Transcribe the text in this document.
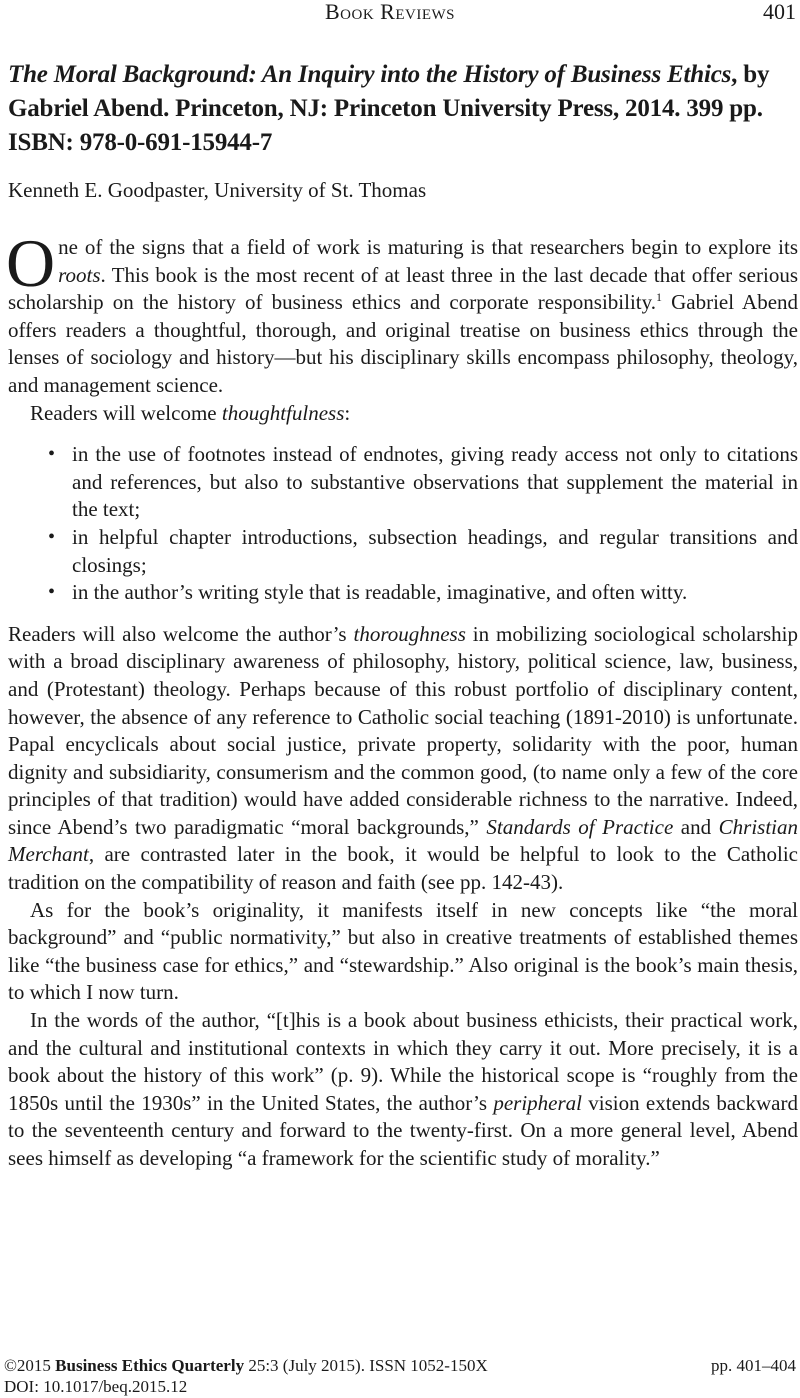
Book Reviews	401
The Moral Background: An Inquiry into the History of Business Ethics, by Gabriel Abend. Princeton, NJ: Princeton University Press, 2014. 399 pp. ISBN: 978-0-691-15944-7
Kenneth E. Goodpaster, University of St. Thomas

One of the signs that a field of work is maturing is that researchers begin to explore its roots. This book is the most recent of at least three in the last decade that offer serious scholarship on the history of business ethics and corporate responsibility.$^1$ Gabriel Abend offers readers a thoughtful, thorough, and original treatise on business ethics through the lenses of sociology and history—but his disciplinary skills encompass philosophy, theology, and management science.

Readers will welcome thoughtfulness:

• in the use of footnotes instead of endnotes, giving ready access not only to citations and references, but also to substantive observations that supplement the material in the text;
• in helpful chapter introductions, subsection headings, and regular transitions and closings;
• in the author’s writing style that is readable, imaginative, and often witty.

Readers will also welcome the author’s thoroughness in mobilizing sociological scholarship with a broad disciplinary awareness of philosophy, history, political science, law, business, and (Protestant) theology. Perhaps because of this robust portfolio of disciplinary content, however, the absence of any reference to Catholic social teaching (1891-2010) is unfortunate. Papal encyclicals about social justice, private property, solidarity with the poor, human dignity and subsidiarity, consumerism and the common good, (to name only a few of the core principles of that tradition) would have added considerable richness to the narrative. Indeed, since Abend’s two paradigmatic “moral backgrounds,” Standards of Practice and Christian Merchant, are contrasted later in the book, it would be helpful to look to the Catholic tradition on the compatibility of reason and faith (see pp. 142-43).

As for the book’s originality, it manifests itself in new concepts like “the moral background” and “public normativity,” but also in creative treatments of established themes like “the business case for ethics,” and “stewardship.” Also original is the book’s main thesis, to which I now turn.

In the words of the author, “[t]his is a book about business ethicists, their practical work, and the cultural and institutional contexts in which they carry it out. More precisely, it is a book about the history of this work” (p. 9). While the historical scope is “roughly from the 1850s until the 1930s” in the United States, the author’s peripheral vision extends backward to the seventeenth century and forward to the twenty-first. On a more general level, Abend sees himself as developing “a framework for the scientific study of morality.”

©2015 Business Ethics Quarterly 25:3 (July 2015). ISSN 1052-150X	pp. 401–404
DOI: 10.1017/beq.2015.12
